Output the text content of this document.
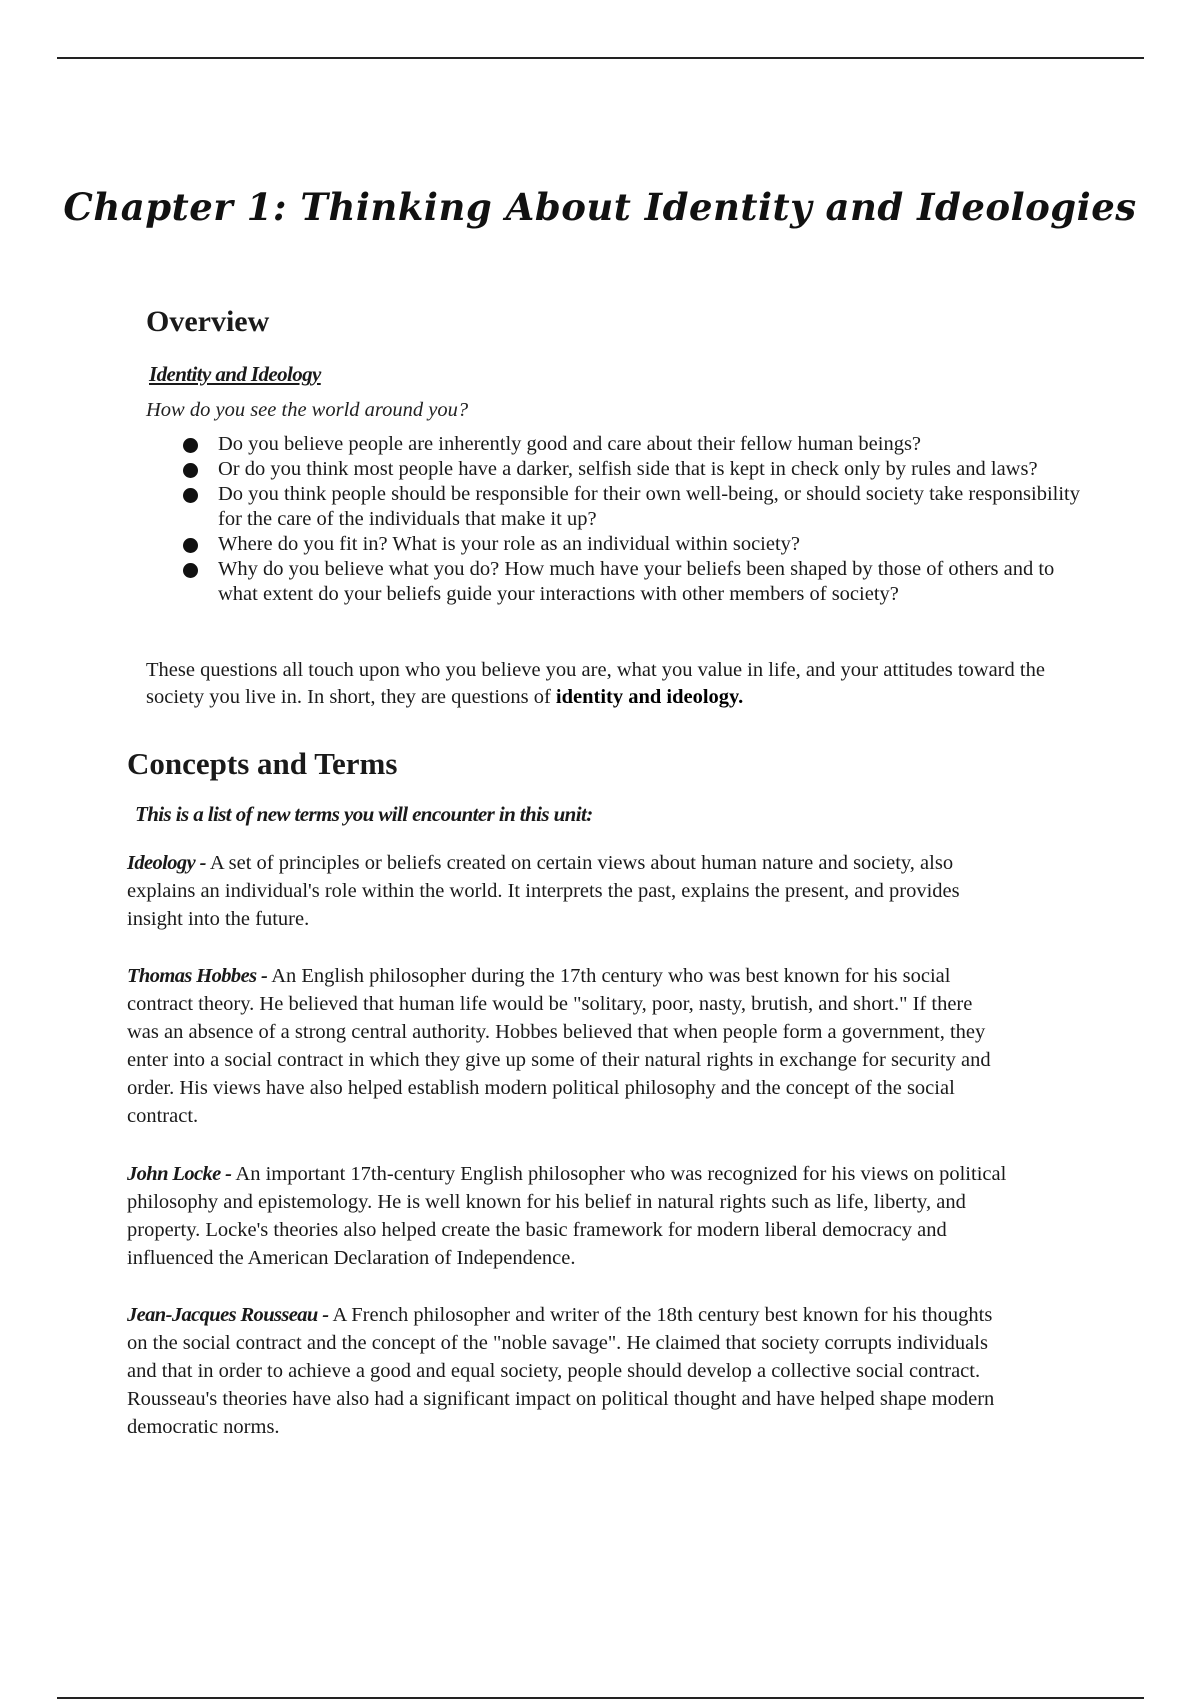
Chapter 1: Thinking About Identity and Ideologies
Overview
Identity and Ideology
How do you see the world around you?
Do you believe people are inherently good and care about their fellow human beings?
Or do you think most people have a darker, selfish side that is kept in check only by rules and laws?
Do you think people should be responsible for their own well-being, or should society take responsibility for the care of the individuals that make it up?
Where do you fit in? What is your role as an individual within society?
Why do you believe what you do? How much have your beliefs been shaped by those of others and to what extent do your beliefs guide your interactions with other members of society?

These questions all touch upon who you believe you are, what you value in life, and your attitudes toward the society you live in. In short, they are questions of identity and ideology.

Concepts and Terms
This is a list of new terms you will encounter in this unit:

Ideology - A set of principles or beliefs created on certain views about human nature and society, also explains an individual's role within the world. It interprets the past, explains the present, and provides insight into the future.

Thomas Hobbes - An English philosopher during the 17th century who was best known for his social contract theory. He believed that human life would be "solitary, poor, nasty, brutish, and short." If there was an absence of a strong central authority. Hobbes believed that when people form a government, they enter into a social contract in which they give up some of their natural rights in exchange for security and order. His views have also helped establish modern political philosophy and the concept of the social contract.

John Locke - An important 17th-century English philosopher who was recognized for his views on political philosophy and epistemology. He is well known for his belief in natural rights such as life, liberty, and property. Locke's theories also helped create the basic framework for modern liberal democracy and influenced the American Declaration of Independence.

Jean-Jacques Rousseau - A French philosopher and writer of the 18th century best known for his thoughts on the social contract and the concept of the "noble savage". He claimed that society corrupts individuals and that in order to achieve a good and equal society, people should develop a collective social contract. Rousseau's theories have also had a significant impact on political thought and have helped shape modern democratic norms.
